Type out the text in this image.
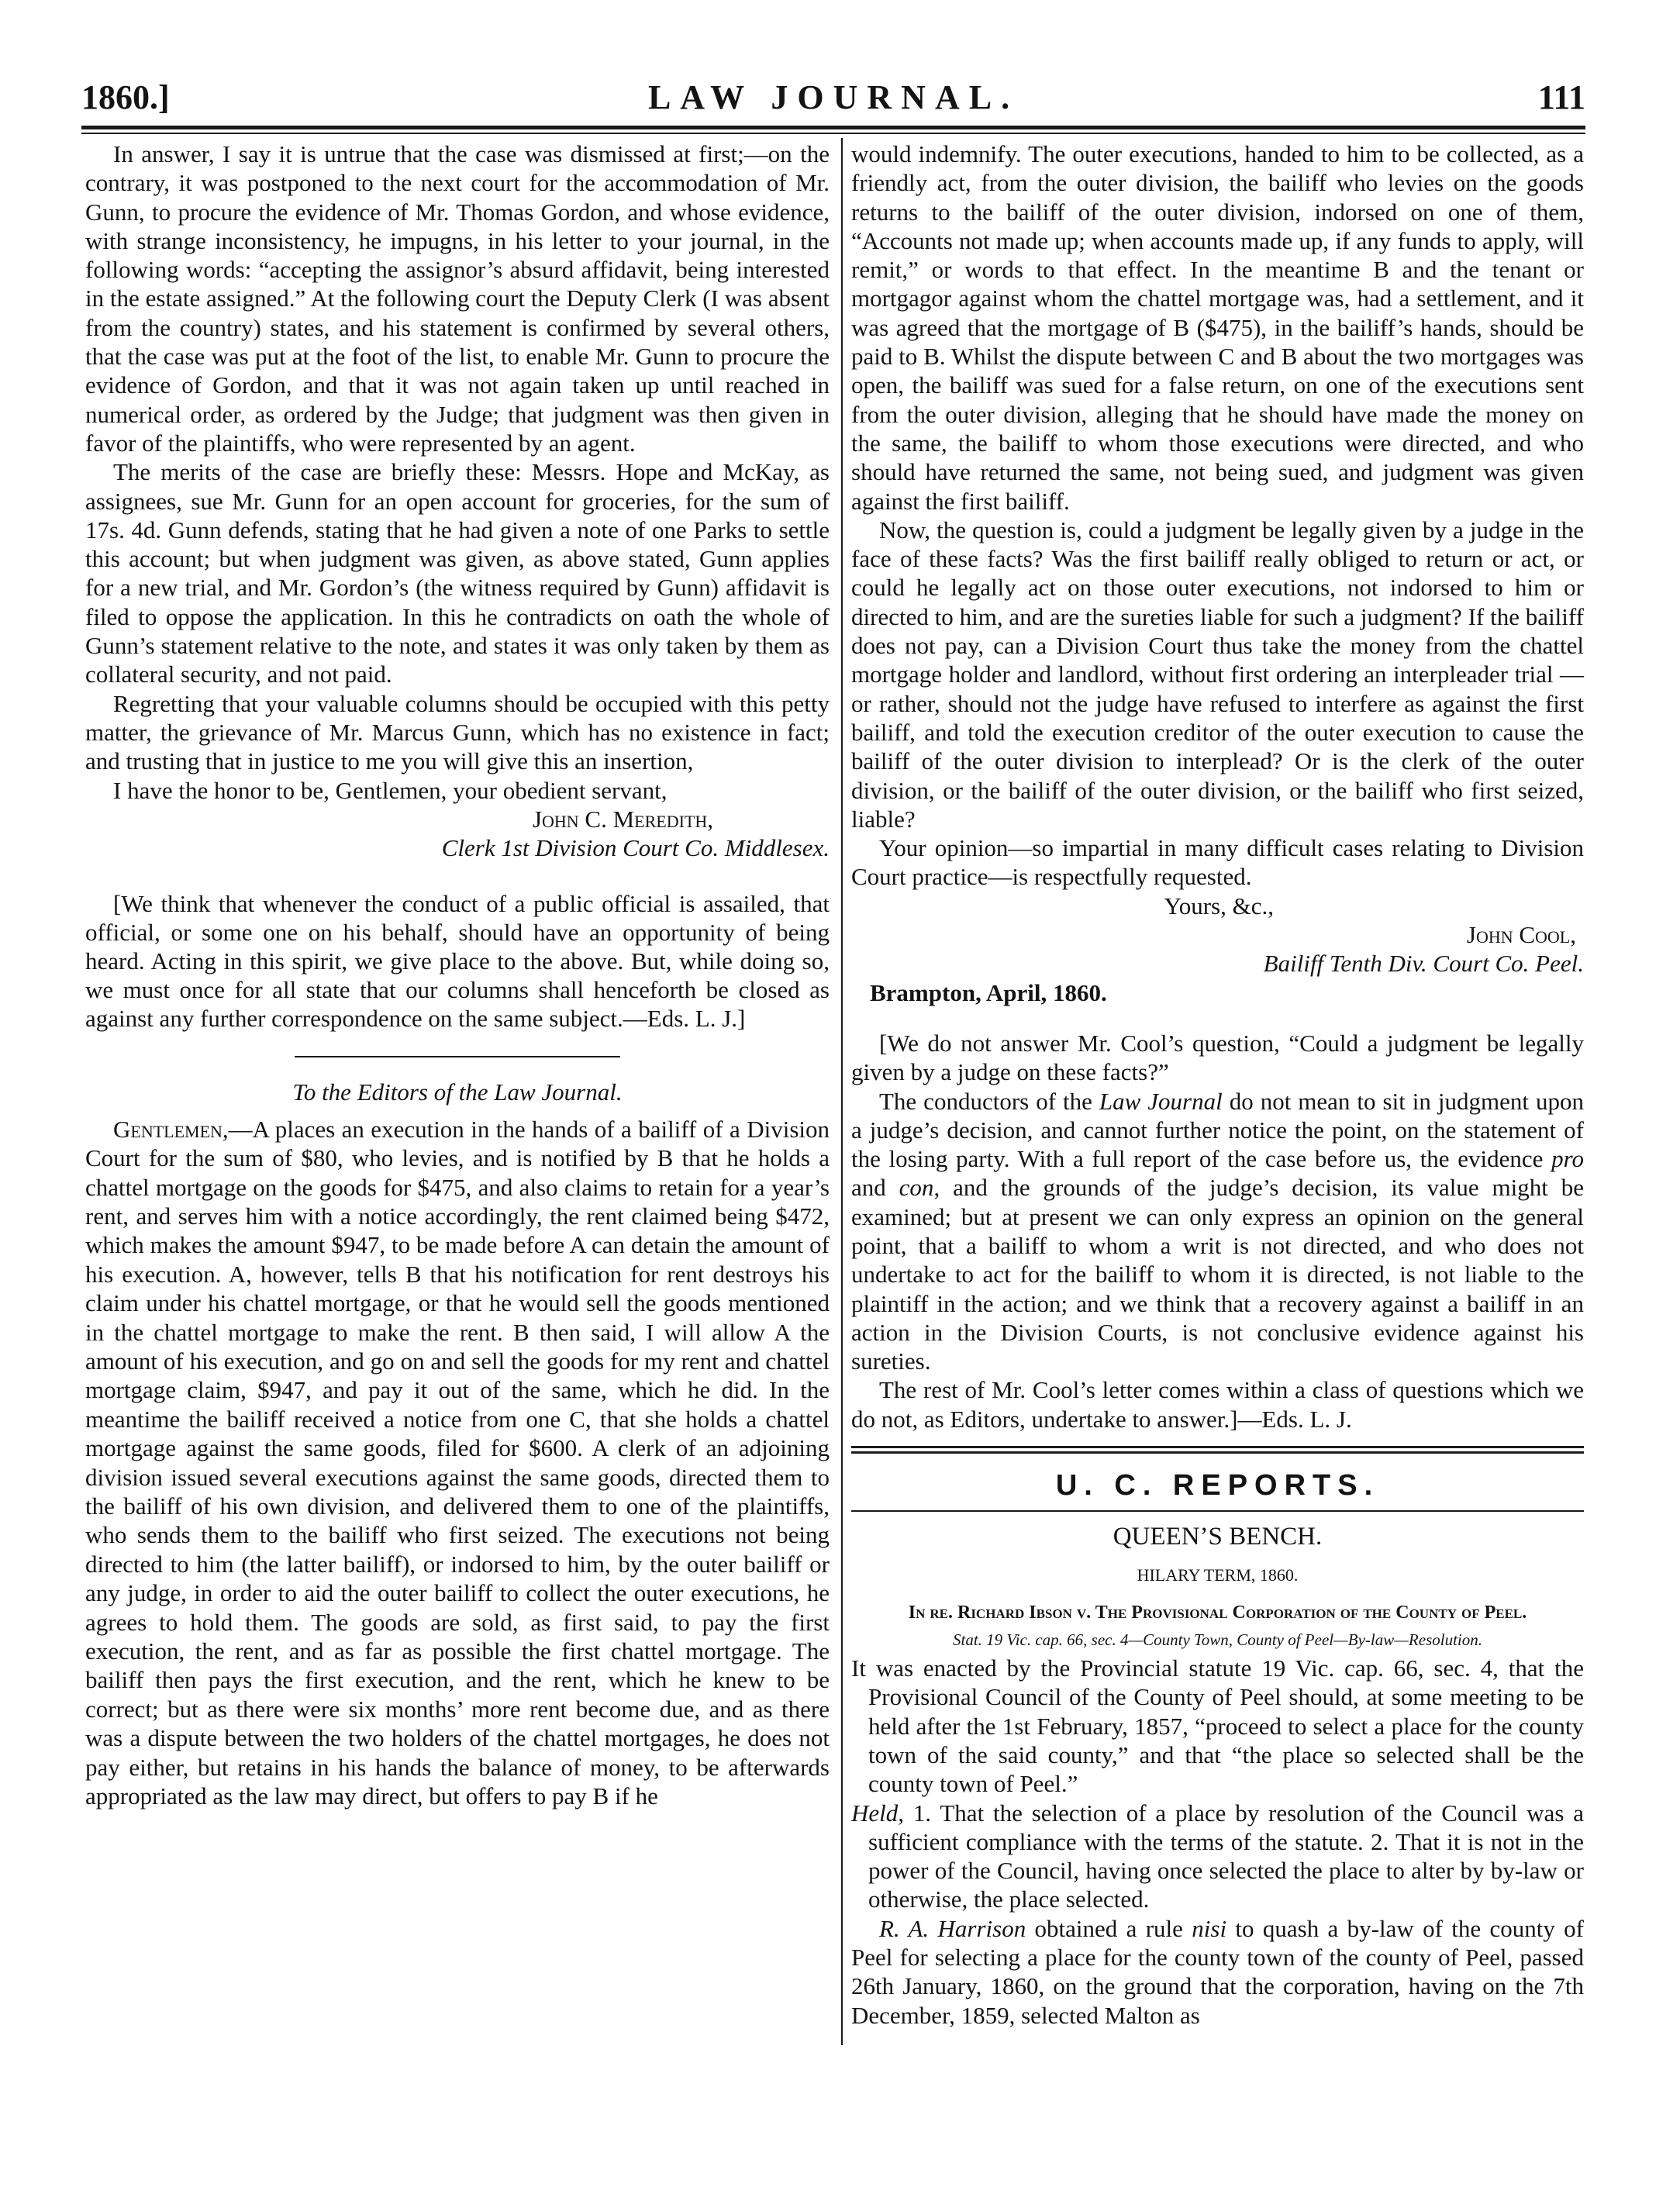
LAW JOURNAL.
1860.]	111

In answer, I say it is untrue that the case was dismissed at first;—on the contrary, it was postponed to the next court for the accommodation of Mr. Gunn, to procure the evidence of Mr. Thomas Gordon, and whose evidence, with strange inconsistency, he impugns, in his letter to your journal, in the following words: “accepting the assignor’s absurd affidavit, being interested in the estate assigned.” At the following court the Deputy Clerk (I was absent from the country) states, and his statement is confirmed by several others, that the case was put at the foot of the list, to enable Mr. Gunn to procure the evidence of Gordon, and that it was not again taken up until reached in numerical order, as ordered by the Judge; that judgment was then given in favor of the plaintiffs, who were represented by an agent.

The merits of the case are briefly these: Messrs. Hope and McKay, as assignees, sue Mr. Gunn for an open account for groceries, for the sum of 17s. 4d. Gunn defends, stating that he had given a note of one Parks to settle this account; but when judgment was given, as above stated, Gunn applies for a new trial, and Mr. Gordon’s (the witness required by Gunn) affidavit is filed to oppose the application. In this he contradicts on oath the whole of Gunn’s statement relative to the note, and states it was only taken by them as collateral security, and not paid.

Regretting that your valuable columns should be occupied with this petty matter, the grievance of Mr. Marcus Gunn, which has no existence in fact; and trusting that in justice to me you will give this an insertion,

I have the honor to be, Gentlemen, your obedient servant,

John C. Meredith,

Clerk 1st Division Court Co. Middlesex.

[We think that whenever the conduct of a public official is assailed, that official, or some one on his behalf, should have an opportunity of being heard. Acting in this spirit, we give place to the above. But, while doing so, we must once for all state that our columns shall henceforth be closed as against any further correspondence on the same subject.—Eds. L. J.]

To the Editors of the Law Journal.

Gentlemen,—A places an execution in the hands of a bailiff of a Division Court for the sum of $80, who levies, and is notified by B that he holds a chattel mortgage on the goods for $475, and also claims to retain for a year’s rent, and serves him with a notice accordingly, the rent claimed being $472, which makes the amount $947, to be made before A can detain the amount of his execution. A, however, tells B that his notification for rent destroys his claim under his chattel mortgage, or that he would sell the goods mentioned in the chattel mortgage to make the rent. B then said, I will allow A the amount of his execution, and go on and sell the goods for my rent and chattel mortgage claim, $947, and pay it out of the same, which he did. In the meantime the bailiff received a notice from one C, that she holds a chattel mortgage against the same goods, filed for $600. A clerk of an adjoining division issued several executions against the same goods, directed them to the bailiff of his own division, and delivered them to one of the plaintiffs, who sends them to the bailiff who first seized. The executions not being directed to him (the latter bailiff), or indorsed to him, by the outer bailiff or any judge, in order to aid the outer bailiff to collect the outer executions, he agrees to hold them. The goods are sold, as first said, to pay the first execution, the rent, and as far as possible the first chattel mortgage. The bailiff then pays the first execution, and the rent, which he knew to be correct; but as there were six months’ more rent become due, and as there was a dispute between the two holders of the chattel mortgages, he does not pay either, but retains in his hands the balance of money, to be afterwards appropriated as the law may direct, but offers to pay B if he

would indemnify. The outer executions, handed to him to be collected, as a friendly act, from the outer division, the bailiff who levies on the goods returns to the bailiff of the outer division, indorsed on one of them, “Accounts not made up; when accounts made up, if any funds to apply, will remit,” or words to that effect. In the meantime B and the tenant or mortgagor against whom the chattel mortgage was, had a settlement, and it was agreed that the mortgage of B ($475), in the bailiff’s hands, should be paid to B. Whilst the dispute between C and B about the two mortgages was open, the bailiff was sued for a false return, on one of the executions sent from the outer division, alleging that he should have made the money on the same, the bailiff to whom those executions were directed, and who should have returned the same, not being sued, and judgment was given against the first bailiff.

Now, the question is, could a judgment be legally given by a judge in the face of these facts? Was the first bailiff really obliged to return or act, or could he legally act on those outer executions, not indorsed to him or directed to him, and are the sureties liable for such a judgment? If the bailiff does not pay, can a Division Court thus take the money from the chattel mortgage holder and landlord, without first ordering an interpleader trial — or rather, should not the judge have refused to interfere as against the first bailiff, and told the execution creditor of the outer execution to cause the bailiff of the outer division to interplead? Or is the clerk of the outer division, or the bailiff of the outer division, or the bailiff who first seized, liable?

Your opinion—so impartial in many difficult cases relating to Division Court practice—is respectfully requested.

Yours, &c.,

John Cool,

Bailiff Tenth Div. Court Co. Peel.

Brampton, April, 1860.

[We do not answer Mr. Cool’s question, “Could a judgment be legally given by a judge on these facts?”

The conductors of the Law Journal do not mean to sit in judgment upon a judge’s decision, and cannot further notice the point, on the statement of the losing party. With a full report of the case before us, the evidence pro and con, and the grounds of the judge’s decision, its value might be examined; but at present we can only express an opinion on the general point, that a bailiff to whom a writ is not directed, and who does not undertake to act for the bailiff to whom it is directed, is not liable to the plaintiff in the action; and we think that a recovery against a bailiff in an action in the Division Courts, is not conclusive evidence against his sureties.

The rest of Mr. Cool’s letter comes within a class of questions which we do not, as Editors, undertake to answer.]—Eds. L. J.

U. C. REPORTS.
QUEEN’S BENCH.
HILARY TERM, 1860.
In re. Richard Ibson v. The Provisional Corporation of the County of Peel.
Stat. 19 Vic. cap. 66, sec. 4—County Town, County of Peel—By-law—Resolution.

It was enacted by the Provincial statute 19 Vic. cap. 66, sec. 4, that the Provisional Council of the County of Peel should, at some meeting to be held after the 1st February, 1857, “proceed to select a place for the county town of the said county,” and that “the place so selected shall be the county town of Peel.”

Held, 1. That the selection of a place by resolution of the Council was a sufficient compliance with the terms of the statute. 2. That it is not in the power of the Council, having once selected the place to alter by by-law or otherwise, the place selected.

R. A. Harrison obtained a rule nisi to quash a by-law of the county of Peel for selecting a place for the county town of the county of Peel, passed 26th January, 1860, on the ground that the corporation, having on the 7th December, 1859, selected Malton as
